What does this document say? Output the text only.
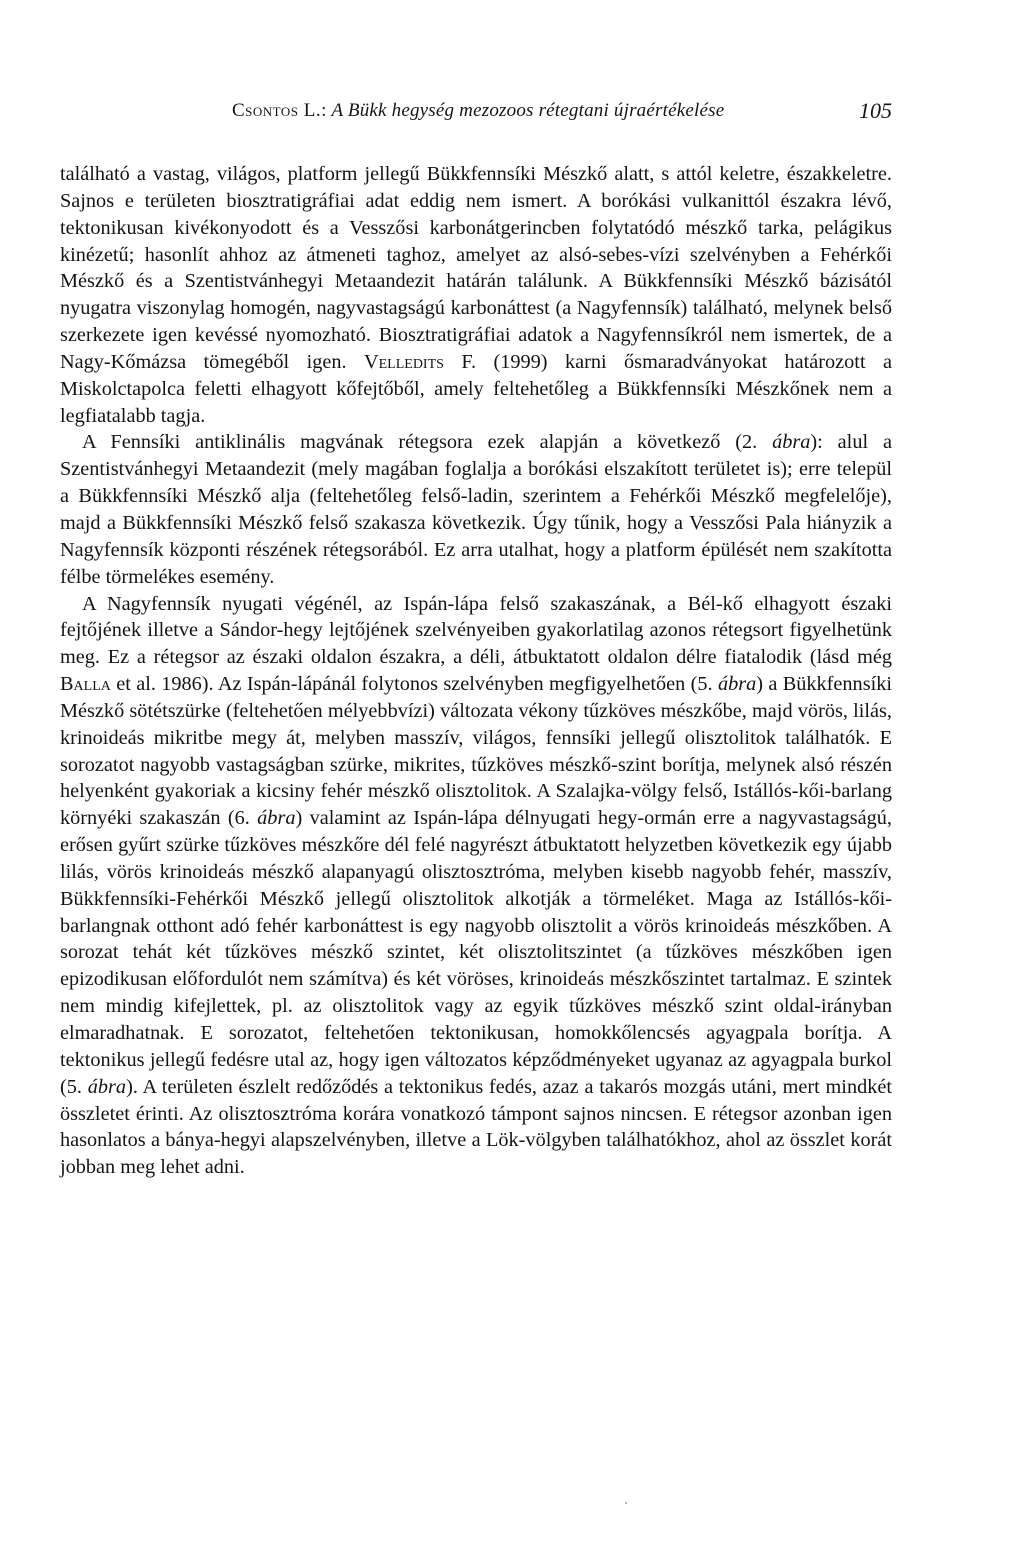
Csontos L.: A Bükk hegység mezozoos rétegtani újraértékelése	105

található a vastag, világos, platform jellegű Bükkfennsíki Mészkő alatt, s attól keletre, északkeletre. Sajnos e területen biosztratigráfiai adat eddig nem ismert. A borókási vulkanittól északra lévő, tektonikusan kivékonyodott és a Vesszősi karbonátgerincben folytatódó mészkő tarka, pelágikus kinézetű; hasonlít ahhoz az átmeneti taghoz, amelyet az alsó-sebes-vízi szelvényben a Fehérkői Mészkő és a Szentistvánhegyi Metaandezit határán találunk. A Bükkfennsíki Mészkő bázisától nyugatra viszonylag homogén, nagyvastagságú karbonáttest (a Nagyfennsík) található, melynek belső szerkezete igen kevéssé nyomozható. Biosztratigráfiai adatok a Nagyfennsíkról nem ismertek, de a Nagy-Kőmázsa tömegéből igen. Velledits F. (1999) karni ősmaradványokat határozott a Miskolctapolca feletti elhagyott kőfejtőből, amely feltehetőleg a Bükkfennsíki Mészkőnek nem a legfiatalabb tagja.

A Fennsíki antiklinális magvának rétegsora ezek alapján a következő (2. ábra): alul a Szentistvánhegyi Metaandezit (mely magában foglalja a borókási elszakított területet is); erre települ a Bükkfennsíki Mészkő alja (feltehetőleg felső-ladin, szerintem a Fehérkői Mészkő megfelelője), majd a Bükkfennsíki Mészkő felső szakasza következik. Úgy tűnik, hogy a Vesszősi Pala hiányzik a Nagyfennsík központi részének rétegsorából. Ez arra utalhat, hogy a platform épülését nem szakította félbe törmelékes esemény.

A Nagyfennsík nyugati végénél, az Ispán-lápa felső szakaszának, a Bél-kő elhagyott északi fejtőjének illetve a Sándor-hegy lejtőjének szelvényeiben gyakorlatilag azonos rétegsort figyelhetünk meg. Ez a rétegsor az északi oldalon északra, a déli, átbuktatott oldalon délre fiatalodik (lásd még Balla et al. 1986). Az Ispán-lápánál folytonos szelvényben megfigyelhetően (5. ábra) a Bükkfennsíki Mészkő sötétszürke (feltehetően mélyebbvízi) változata vékony tűzköves mészkőbe, majd vörös, lilás, krinoideás mikritbe megy át, melyben masszív, világos, fennsíki jellegű olisztolitok találhatók. E sorozatot nagyobb vastagságban szürke, mikrites, tűzköves mészkő-szint borítja, melynek alsó részén helyenként gyakoriak a kicsiny fehér mészkő olisztolitok. A Szalajka-völgy felső, Istállós-kői-barlang környéki szakaszán (6. ábra) valamint az Ispán-lápa délnyugati hegy-ormán erre a nagyvastagságú, erősen gyűrt szürke tűzköves mészkőre dél felé nagyrészt átbuktatott helyzetben következik egy újabb lilás, vörös krinoideás mészkő alapanyagú olisztosztróma, melyben kisebb nagyobb fehér, masszív, Bükkfennsíki-Fehérkői Mészkő jellegű olisztolitok alkotják a törmeléket. Maga az Istállós-kői-barlangnak otthont adó fehér karbonáttest is egy nagyobb olisztolit a vörös krinoideás mészkőben. A sorozat tehát két tűzköves mészkő szintet, két olisztolitszintet (a tűzköves mészkőben igen epizodikusan előfordulót nem számítva) és két vöröses, krinoideás mészkőszintet tartalmaz. E szintek nem mindig kifejlettek, pl. az olisztolitok vagy az egyik tűzköves mészkő szint oldal-irányban elmaradhatnak. E sorozatot, feltehetően tektonikusan, homokkőlencsés agyagpala borítja. A tektonikus jellegű fedésre utal az, hogy igen változatos képződményeket ugyanaz az agyagpala burkol (5. ábra). A területen észlelt redőződés a tektonikus fedés, azaz a takarós mozgás utáni, mert mindkét összletet érinti. Az olisztosztróma korára vonatkozó támpont sajnos nincsen. E rétegsor azonban igen hasonlatos a bánya-hegyi alapszelvényben, illetve a Lök-völgyben találhatókhoz, ahol az összlet korát jobban meg lehet adni.
